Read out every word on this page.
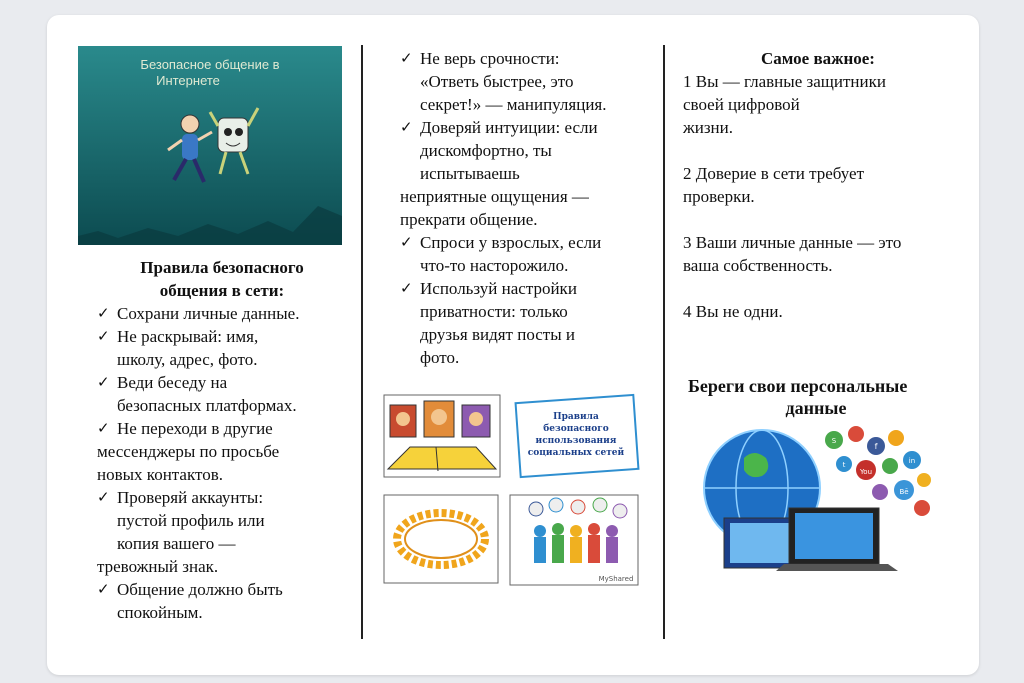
Безопасное общение в
Интернете
Правила безопасного
общения в сети:
✓ Сохрани личные данные.
✓ Не раскрывай: имя,
школу, адрес, фото.
✓ Веди беседу на
безопасных платформах.
✓ Не переходи в другие
мессенджеры по просьбе
новых контактов.
✓ Проверяй аккаунты:
пустой профиль или
копия вашего —
тревожный знак.
✓ Общение должно быть
спокойным.
✓ Не верь срочности:
«Ответь быстрее, это
секрет!» — манипуляция.
✓ Доверяй интуиции: если
дискомфортно, ты
испытываешь
неприятные ощущения —
прекрати общение.
✓ Спроси у взрослых, если
что-то насторожило.
✓ Используй настройки
приватности: только
друзья видят посты и
фото.
Правила
безопасного
использования
социальных сетей
MyShared
Самое важное:
1 Вы — главные защитники
своей цифровой
жизни.
2 Доверие в сети требует
проверки.
3 Ваши личные данные — это
ваша собственность.
4 Вы не одни.
Береги свои персональные
данные
You
Bē
S
f
in
t
